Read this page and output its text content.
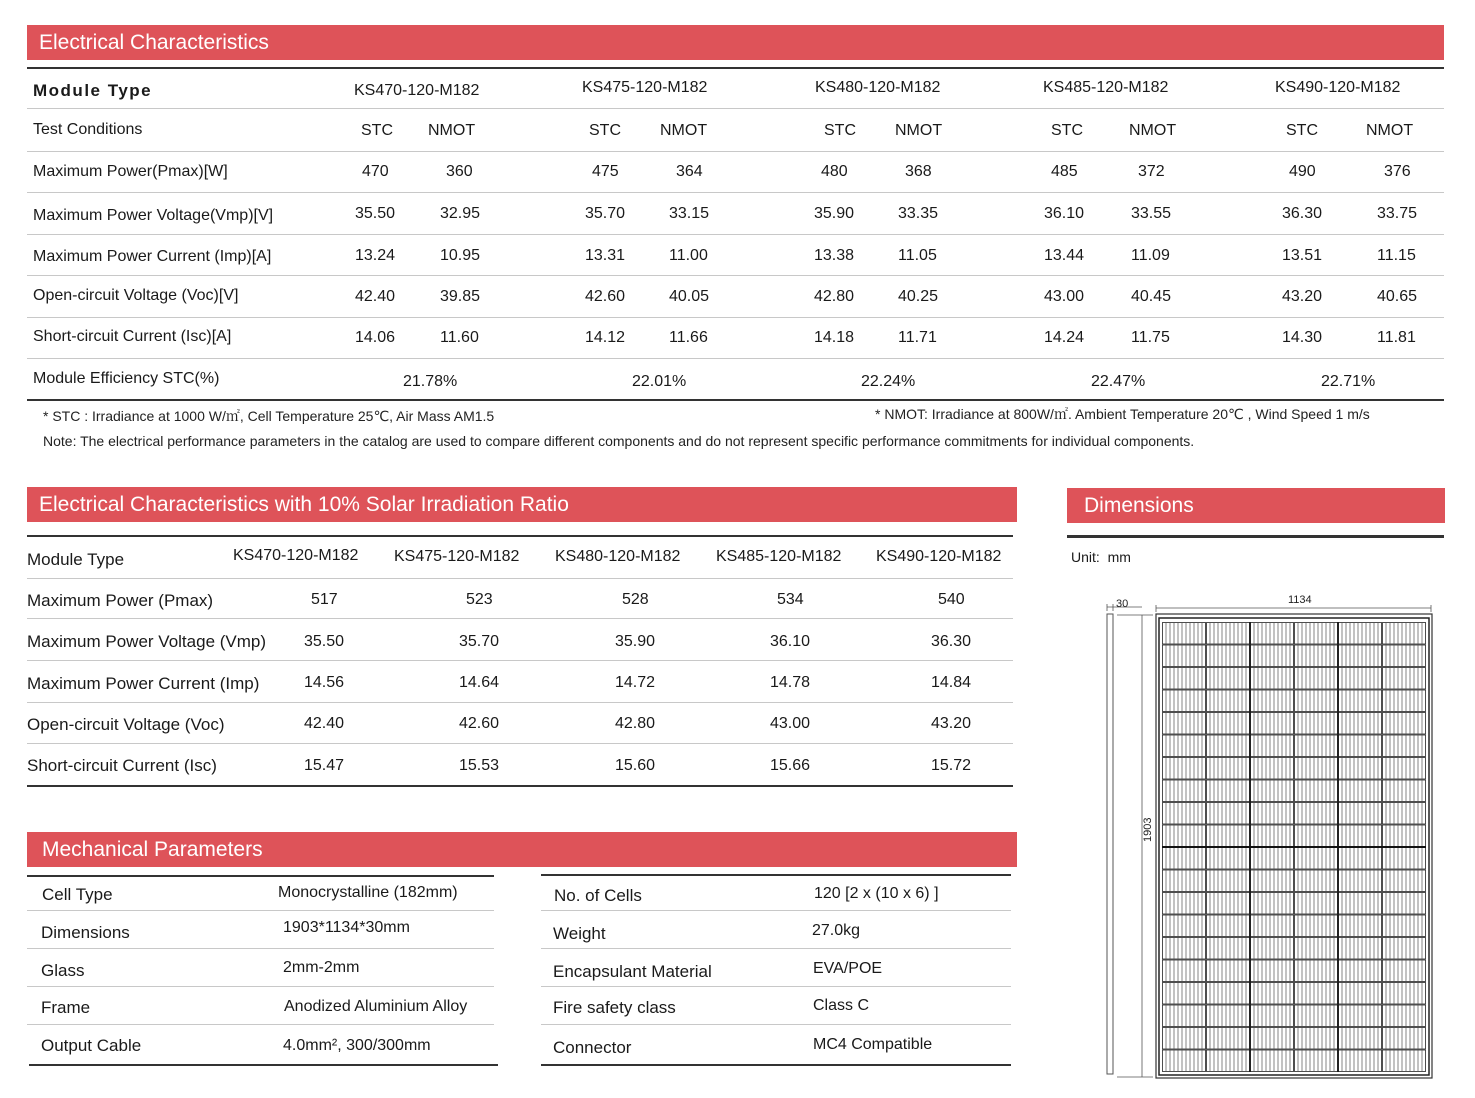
Electrical Characteristics
Module Type	KS470-120-M182	KS475-120-M182	KS480-120-M182	KS485-120-M182	KS490-120-M182
Test Conditions	STC NMOT	STC NMOT	STC NMOT	STC	NMOT	STC	NMOT
Maximum Power(Pmax)[W]	470	360	475	364	480	368	485	372	490	376
Maximum Power Voltage(Vmp)[V]	35.50	32.95	35.70	33.15	35.90	33.35	36.10	33.55	36.30	33.75
Maximum Power Current (Imp)[A]	13.24	10.95	13.31	11.00	13.38	11.05	13.44	11.09	13.51	11.15
Open-circuit Voltage (Voc)[V]	42.40	39.85	42.60	40.05	42.80	40.25	43.00	40.45	43.20	40.65
Short-circuit Current (Isc)[A]	14.06	11.60	14.12	11.66	14.18	11.71	14.24	11.75	14.30	11.81
Module Efficiency STC(%)	21.78%	22.01%	22.24%	22.47%	22.71%
* STC : Irradiance at 1000 W/㎡, Cell Temperature 25℃, Air Mass AM1.5	* NMOT: Irradiance at 800W/㎡. Ambient Temperature 20℃ , Wind Speed 1 m/s
Note: The electrical performance parameters in the catalog are used to compare different components and do not represent specific performance commitments for individual components.
Electrical Characteristics with 10% Solar Irradiation Ratio
Module Type	KS470-120-M182 KS475-120-M182 KS480-120-M182 KS485-120-M182 KS490-120-M182
Maximum Power (Pmax)	517	523	528	534	540
Maximum Power Voltage (Vmp) 35.50	35.70	35.90	36.10	36.30
Maximum Power Current (Imp)	14.56	14.64	14.72	14.78	14.84
Open-circuit Voltage (Voc)	42.40	42.60	42.80	43.00	43.20
Short-circuit Current (Isc)	15.47	15.53	15.60	15.66	15.72
Mechanical Parameters
Cell Type	Monocrystalline (182mm)
Dimensions	1903*1134*30mm
Glass	2mm-2mm
Frame	Anodized Aluminium Alloy
Output Cable	4.0mm², 300/300mm
No. of Cells	120 [2 x (10 x 6) ]
Weight	27.0kg
Encapsulant Material	EVA/POE
Fire safety class	Class C
Connector	MC4 Compatible
Dimensions
Unit:  mm
30	1134
1903
